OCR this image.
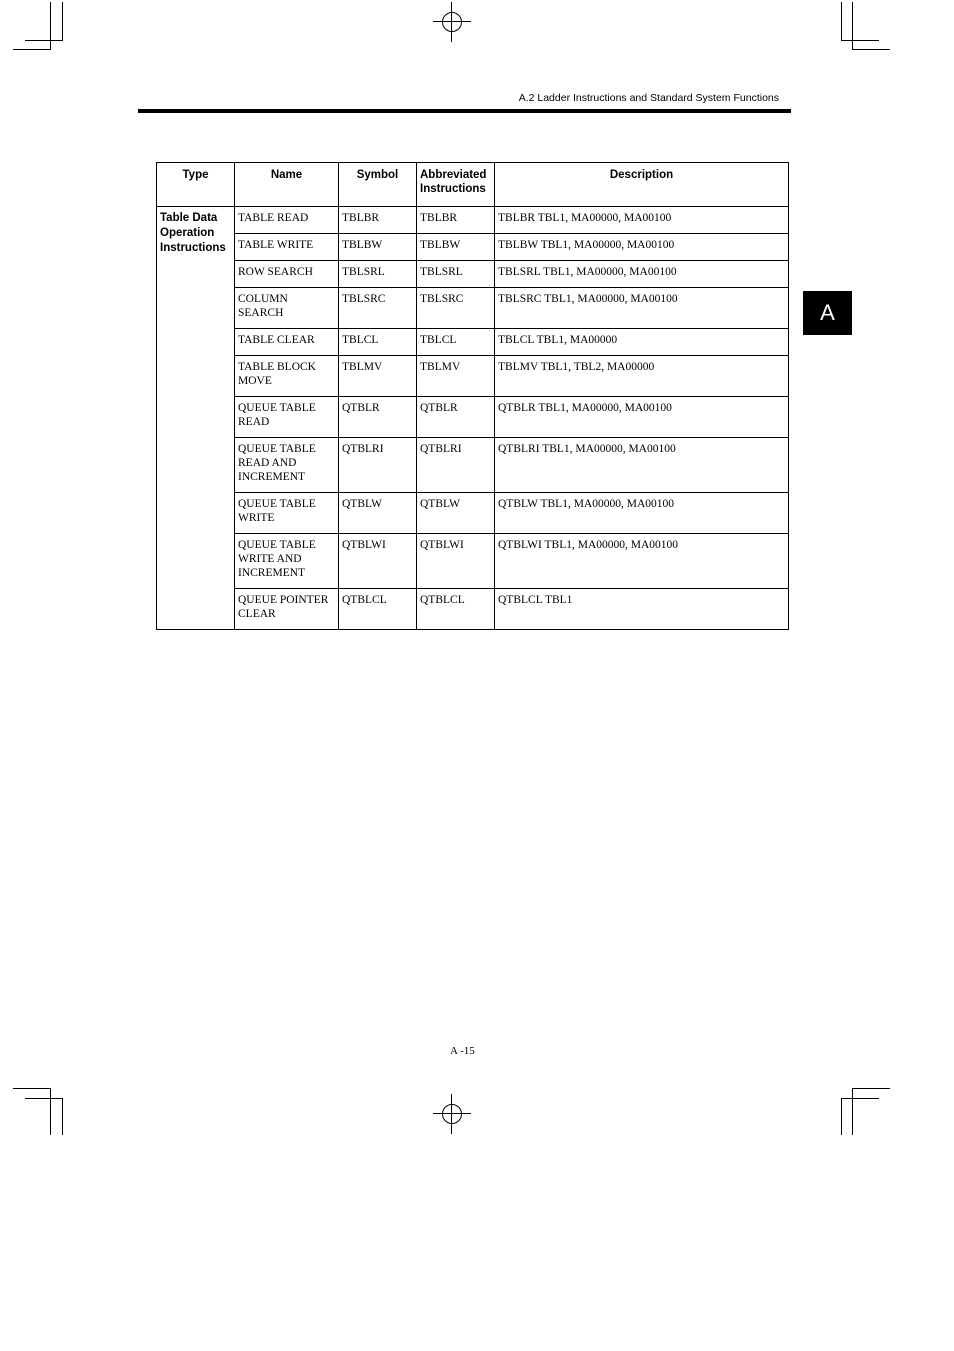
A.2 Ladder Instructions and Standard System Functions
A
Type	Name	Symbol	Abbreviated Instructions	Description
Table Data Operation Instructions	TABLE READ	TBLBR	TBLBR	TBLBR TBL1, MA00000, MA00100
	TABLE WRITE	TBLBW	TBLBW	TBLBW TBL1, MA00000, MA00100
	ROW SEARCH	TBLSRL	TBLSRL	TBLSRL TBL1, MA00000, MA00100
	COLUMN SEARCH	TBLSRC	TBLSRC	TBLSRC TBL1, MA00000, MA00100
	TABLE CLEAR	TBLCL	TBLCL	TBLCL TBL1, MA00000
	TABLE BLOCK MOVE	TBLMV	TBLMV	TBLMV TBL1, TBL2, MA00000
	QUEUE TABLE READ	QTBLR	QTBLR	QTBLR TBL1, MA00000, MA00100
	QUEUE TABLE READ AND INCREMENT	QTBLRI	QTBLRI	QTBLRI TBL1, MA00000, MA00100
	QUEUE TABLE WRITE	QTBLW	QTBLW	QTBLW TBL1, MA00000, MA00100
	QUEUE TABLE WRITE AND INCREMENT	QTBLWI	QTBLWI	QTBLWI TBL1, MA00000, MA00100
	QUEUE POINTER CLEAR	QTBLCL	QTBLCL	QTBLCL TBL1
A -15
